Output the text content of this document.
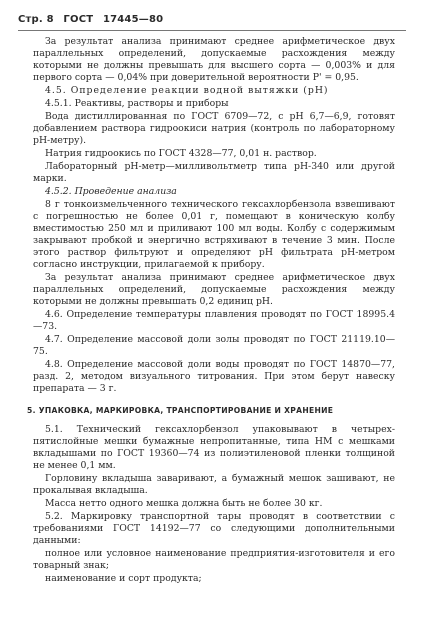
Стр. 8 ГОСТ 17445—80

За результат анализа принимают среднее арифметическое двух параллельных определений, допускаемые расхождения между которыми не должны превышать для высшего сорта — 0,003% и для первого сорта — 0,04% при доверительной вероятности P' = 0,95.

4.5. Определение реакции водной вытяжки (pH)

4.5.1. Реактивы, растворы и приборы

Вода дистиллированная по ГОСТ 6709—72, с pH 6,7—6,9, готовят добавлением раствора гидроокиси натрия (контроль по лабораторному pH-метру).

Натрия гидроокись по ГОСТ 4328—77, 0,01 н. раствор.

Лабораторный pH-метр—милливольтметр типа pH-340 или другой марки.

4.5.2. Проведение анализа

8 г тонкоизмельченного технического гексахлорбензола взвешивают с погрешностью не более 0,01 г, помещают в коническую колбу вместимостью 250 мл и приливают 100 мл воды. Колбу с содержимым закрывают пробкой и энергично встряхивают в течение 3 мин. После этого раствор фильтруют и определяют pH фильтрата pH-метром согласно инструкции, прилагаемой к прибору.

За результат анализа принимают среднее арифметическое двух параллельных определений, допускаемые расхождения между которыми не должны превышать 0,2 единиц pH.

4.6. Определение температуры плавления проводят по ГОСТ 18995.4—73.

4.7. Определение массовой доли золы проводят по ГОСТ 21119.10—75.

4.8. Определение массовой доли воды проводят по ГОСТ 14870—77, разд. 2, методом визуального титрования. При этом берут навеску препарата — 3 г.

5. УПАКОВКА, МАРКИРОВКА, ТРАНСПОРТИРОВАНИЕ И ХРАНЕНИЕ

5.1. Технический гексахлорбензол упаковывают в четырех-пятислойные мешки бумажные непропитанные, типа НМ с мешками вкладышами по ГОСТ 19360—74 из полиэтиленовой пленки толщиной не менее 0,1 мм.

Горловину вкладыша заваривают, а бумажный мешок зашивают, не прокалывая вкладыша.

Масса нетто одного мешка должна быть не более 30 кг.

5.2. Маркировку транспортной тары проводят в соответствии с требованиями ГОСТ 14192—77 со следующими дополнительными данными:

полное или условное наименование предприятия-изготовителя и его товарный знак;

наименование и сорт продукта;
